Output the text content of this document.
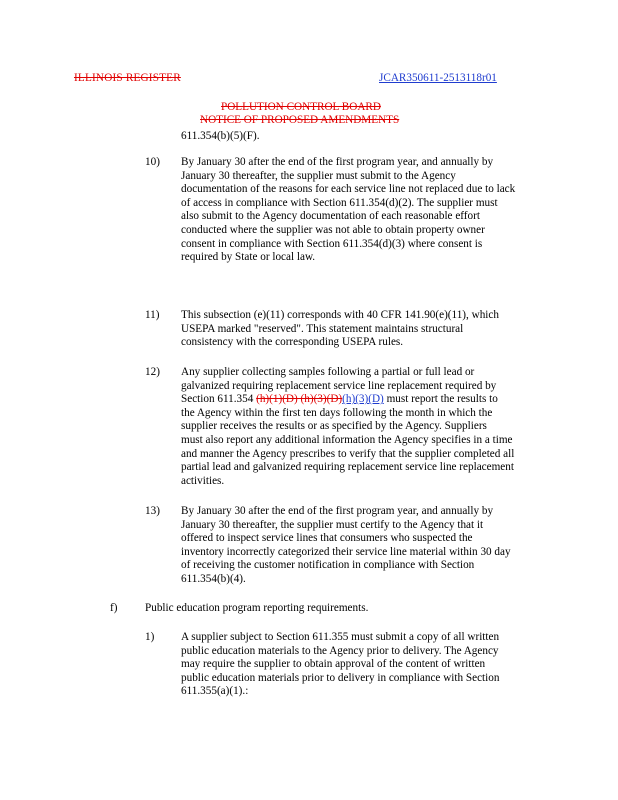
ILLINOIS REGISTER	JCAR350611-2513118r01
POLLUTION CONTROL BOARD
NOTICE OF PROPOSED AMENDMENTS
611.354(b)(5)(F).
10) By January 30 after the end of the first program year, and annually by
January 30 thereafter, the supplier must submit to the Agency
documentation of the reasons for each service line not replaced due to lack
of access in compliance with Section 611.354(d)(2). The supplier must
also submit to the Agency documentation of each reasonable effort
conducted where the supplier was not able to obtain property owner
consent in compliance with Section 611.354(d)(3) where consent is
required by State or local law.
11) This subsection (e)(11) corresponds with 40 CFR 141.90(e)(11), which
USEPA marked "reserved". This statement maintains structural
consistency with the corresponding USEPA rules.
12) Any supplier collecting samples following a partial or full lead or
galvanized requiring replacement service line replacement required by
Section 611.354 (h)(1)(D) (h)(3)(D)(h)(3)(D) must report the results to
the Agency within the first ten days following the month in which the
supplier receives the results or as specified by the Agency. Suppliers
must also report any additional information the Agency specifies in a time
and manner the Agency prescribes to verify that the supplier completed all
partial lead and galvanized requiring replacement service line replacement
activities.
13) By January 30 after the end of the first program year, and annually by
January 30 thereafter, the supplier must certify to the Agency that it
offered to inspect service lines that consumers who suspected the
inventory incorrectly categorized their service line material within 30 day
of receiving the customer notification in compliance with Section
611.354(b)(4).
f) Public education program reporting requirements.
1) A supplier subject to Section 611.355 must submit a copy of all written
public education materials to the Agency prior to delivery. The Agency
may require the supplier to obtain approval of the content of written
public education materials prior to delivery in compliance with Section
611.355(a)(1).:
